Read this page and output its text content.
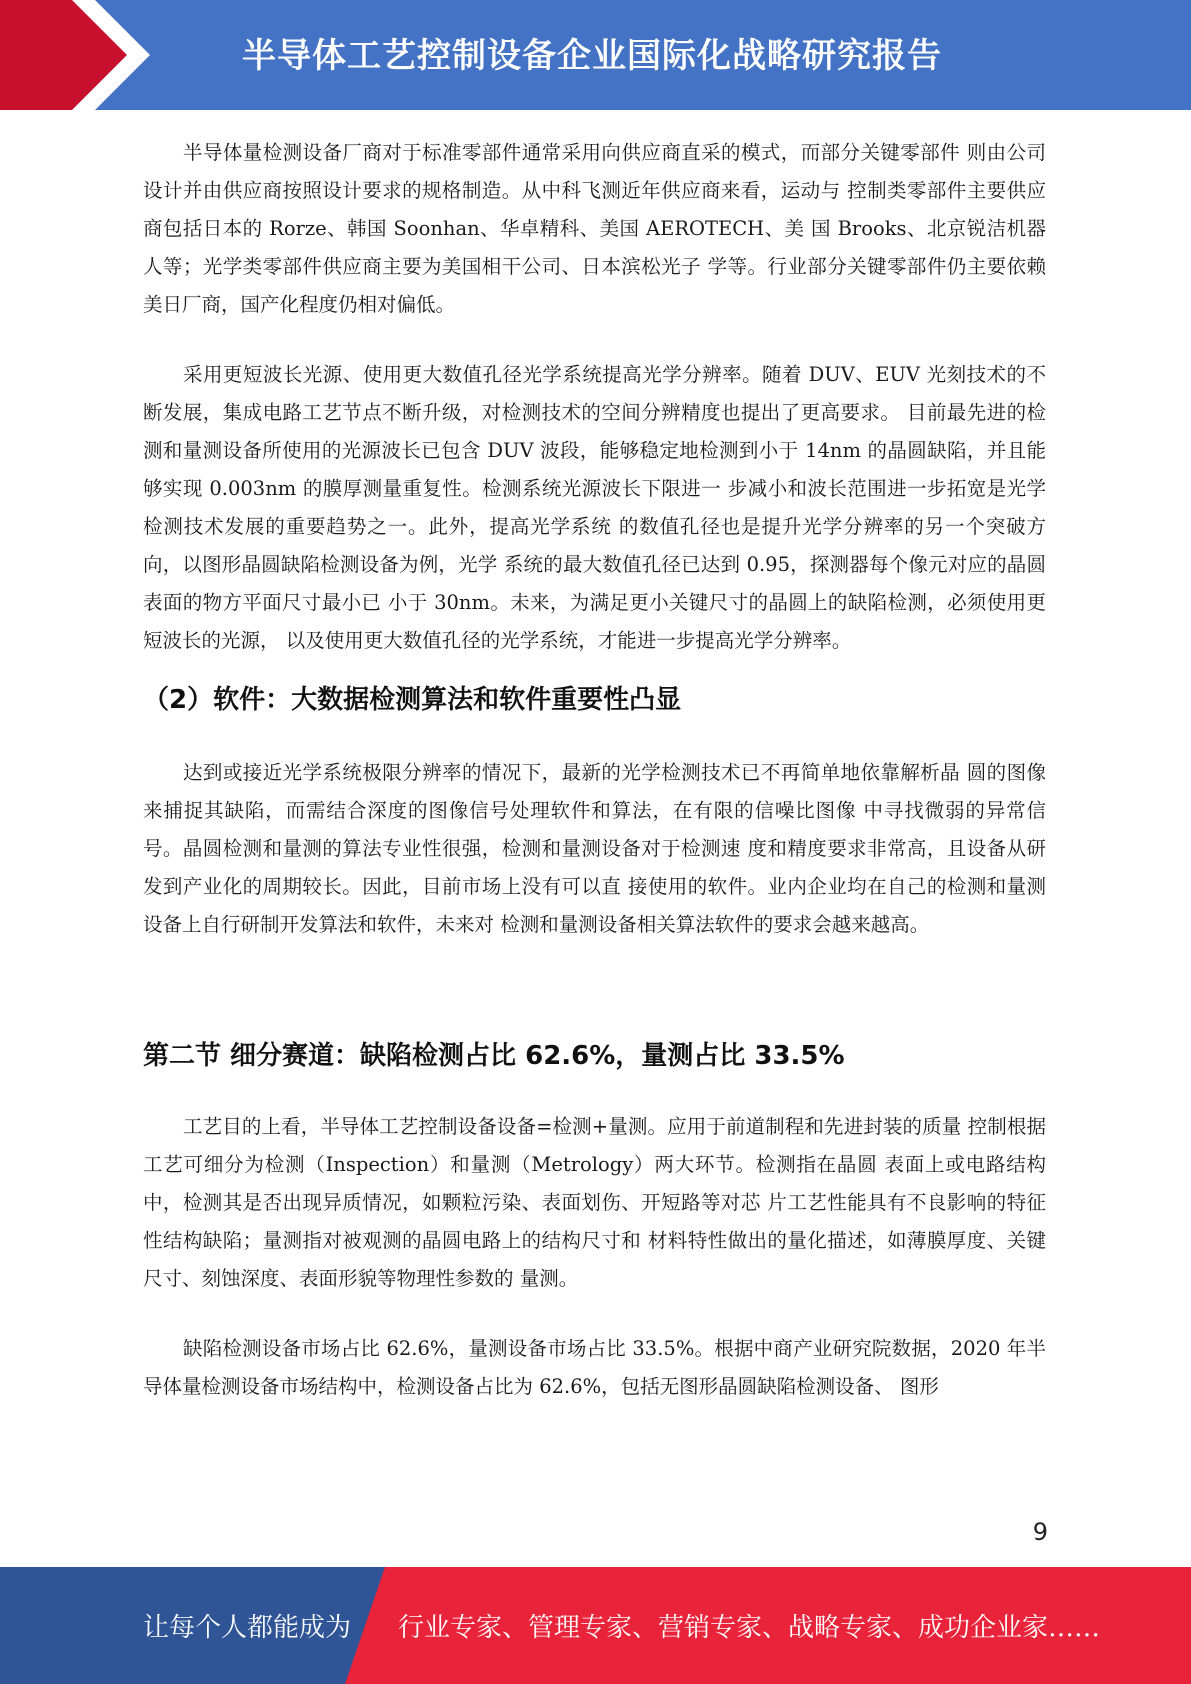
半导体工艺控制设备企业国际化战略研究报告

半导体量检测设备厂商对于标准零部件通常采用向供应商直采的模式，而部分关键零部件 则由公司设计并由供应商按照设计要求的规格制造。从中科飞测近年供应商来看，运动与 控制类零部件主要供应商包括日本的 Rorze、韩国 Soonhan、华卓精科、美国 AEROTECH、美 国 Brooks、北京锐洁机器人等；光学类零部件供应商主要为美国相干公司、日本滨松光子 学等。行业部分关键零部件仍主要依赖美日厂商，国产化程度仍相对偏低。

采用更短波长光源、使用更大数值孔径光学系统提高光学分辨率。随着 DUV、EUV 光刻技术的不断发展，集成电路工艺节点不断升级，对检测技术的空间分辨精度也提出了更高要求。 目前最先进的检测和量测设备所使用的光源波长已包含 DUV 波段，能够稳定地检测到小于 14nm 的晶圆缺陷，并且能够实现 0.003nm 的膜厚测量重复性。检测系统光源波长下限进一 步减小和波长范围进一步拓宽是光学检测技术发展的重要趋势之一。此外，提高光学系统 的数值孔径也是提升光学分辨率的另一个突破方向，以图形晶圆缺陷检测设备为例，光学 系统的最大数值孔径已达到 0.95，探测器每个像元对应的晶圆表面的物方平面尺寸最小已 小于 30nm。未来，为满足更小关键尺寸的晶圆上的缺陷检测，必须使用更短波长的光源， 以及使用更大数值孔径的光学系统，才能进一步提高光学分辨率。

（2）软件：大数据检测算法和软件重要性凸显

达到或接近光学系统极限分辨率的情况下，最新的光学检测技术已不再简单地依靠解析晶 圆的图像来捕捉其缺陷，而需结合深度的图像信号处理软件和算法，在有限的信噪比图像 中寻找微弱的异常信号。晶圆检测和量测的算法专业性很强，检测和量测设备对于检测速 度和精度要求非常高，且设备从研发到产业化的周期较长。因此，目前市场上没有可以直 接使用的软件。业内企业均在自己的检测和量测设备上自行研制开发算法和软件，未来对 检测和量测设备相关算法软件的要求会越来越高。

第二节 细分赛道：缺陷检测占比 62.6%，量测占比 33.5%

工艺目的上看，半导体工艺控制设备设备=检测+量测。应用于前道制程和先进封装的质量 控制根据工艺可细分为检测（Inspection）和量测（Metrology）两大环节。检测指在晶圆 表面上或电路结构中，检测其是否出现异质情况，如颗粒污染、表面划伤、开短路等对芯 片工艺性能具有不良影响的特征性结构缺陷；量测指对被观测的晶圆电路上的结构尺寸和 材料特性做出的量化描述，如薄膜厚度、关键尺寸、刻蚀深度、表面形貌等物理性参数的 量测。

缺陷检测设备市场占比 62.6%，量测设备市场占比 33.5%。根据中商产业研究院数据，2020 年半导体量检测设备市场结构中，检测设备占比为 62.6%，包括无图形晶圆缺陷检测设备、 图形

9
让每个人都能成为 行业专家、管理专家、营销专家、战略专家、成功企业家……
